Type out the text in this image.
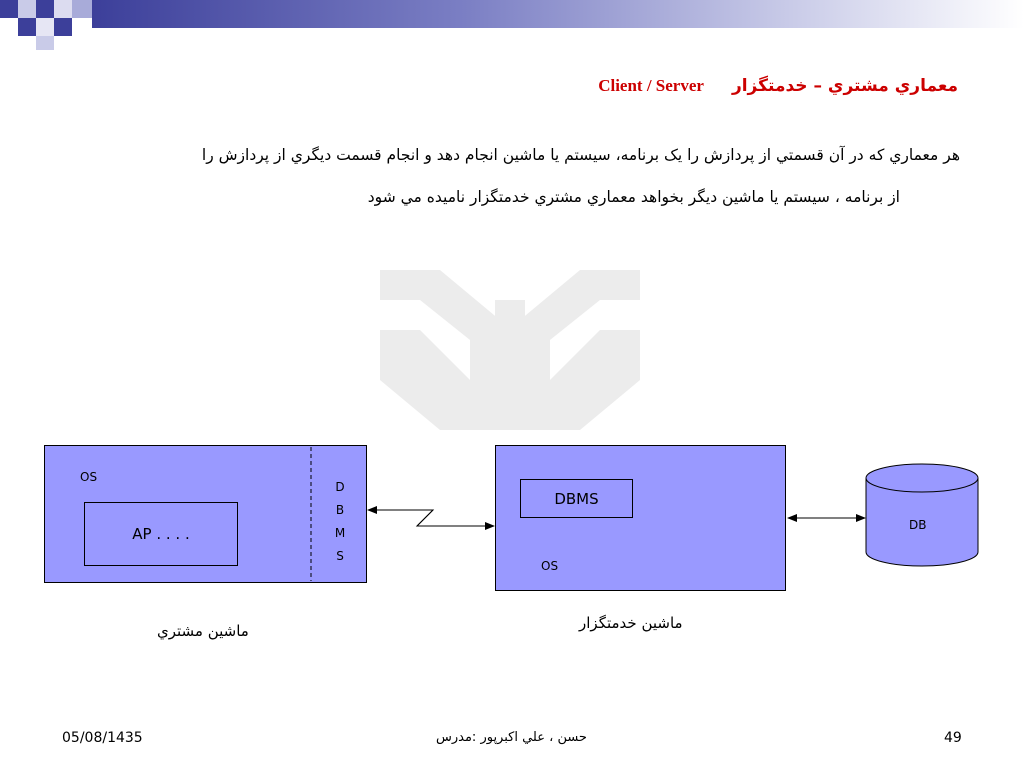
معماري مشتري – خدمتگزارClient / Server
هر معماري كه در آن قسمتي از پردازش را يک برنامه، سيستم يا ماشين انجام دهد و انجام قسمت ديگري از پردازش را
از برنامه ، سيستم يا ماشين ديگر بخواهد معماري مشتري خدمتگزار ناميده مي شود
OS
AP . . . .
D
B
M
S
DBMS
OS
DB
ماشين مشتري	ماشين خدمتگزار
05/08/1435	حسن ، علي اكبرپور :مدرس	49
